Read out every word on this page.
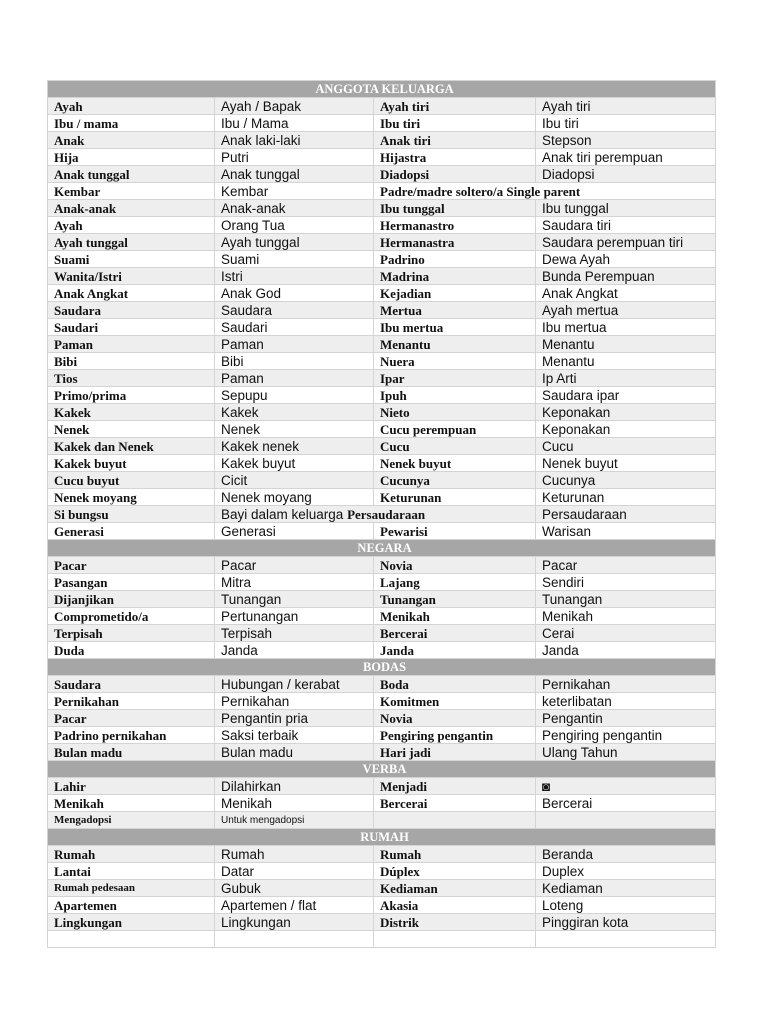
ANGGOTA KELUARGA			
Ayah	Ayah / Bapak	Ayah tiri	Ayah tiri
Ibu / mama	Ibu / Mama	Ibu tiri	Ibu tiri
Anak	Anak laki-laki	Anak tiri	Stepson
Hija	Putri	Hijastra	Anak tiri perempuan
Anak tunggal	Anak tunggal	Diadopsi	Diadopsi
Kembar	Kembar	Padre/madre soltero/a Single parent	
Anak-anak	Anak-anak	Ibu tunggal	Ibu tunggal
Ayah	Orang Tua	Hermanastro	Saudara tiri
Ayah tunggal	Ayah tunggal	Hermanastra	Saudara perempuan tiri
Suami	Suami	Padrino	Dewa Ayah
Wanita/Istri	Istri	Madrina	Bunda Perempuan
Anak Angkat	Anak God	Kejadian	Anak Angkat
Saudara	Saudara	Mertua	Ayah mertua
Saudari	Saudari	Ibu mertua	Ibu mertua
Paman	Paman	Menantu	Menantu
Bibi	Bibi	Nuera	Menantu
Tios	Paman	Ipar	Ip Arti
Primo/prima	Sepupu	Ipuh	Saudara ipar
Kakek	Kakek	Nieto	Keponakan
Nenek	Nenek	Cucu perempuan	Keponakan
Kakek dan Nenek	Kakek nenek	Cucu	Cucu
Kakek buyut	Kakek buyut	Nenek buyut	Nenek buyut
Cucu buyut	Cicit	Cucunya	Cucunya
Nenek moyang	Nenek moyang	Keturunan	Keturunan
Si bungsu	Bayi dalam keluarga Persaudaraan		Persaudaraan
Generasi	Generasi	Pewarisi	Warisan
NEGARA			
Pacar	Pacar	Novia	Pacar
Pasangan	Mitra	Lajang	Sendiri
Dijanjikan	Tunangan	Tunangan	Tunangan
Comprometido/a	Pertunangan	Menikah	Menikah
Terpisah	Terpisah	Bercerai	Cerai
Duda	Janda	Janda	Janda
BODAS			
Saudara	Hubungan / kerabat	Boda	Pernikahan
Pernikahan	Pernikahan	Komitmen	keterlibatan
Pacar	Pengantin pria	Novia	Pengantin
Padrino pernikahan	Saksi terbaik	Pengiring pengantin	Pengiring pengantin
Bulan madu	Bulan madu	Hari jadi	Ulang Tahun
VERBA			
Lahir	Dilahirkan	Menjadi	◙
Menikah	Menikah	Bercerai	Bercerai
Mengadopsi	Untuk mengadopsi		
RUMAH			
Rumah	Rumah	Rumah	Beranda
Lantai	Datar	Dúplex	Duplex
Rumah pedesaan	Gubuk	Kediaman	Kediaman
Apartemen	Apartemen / flat	Akasia	Loteng
Lingkungan	Lingkungan	Distrik	Pinggiran kota
